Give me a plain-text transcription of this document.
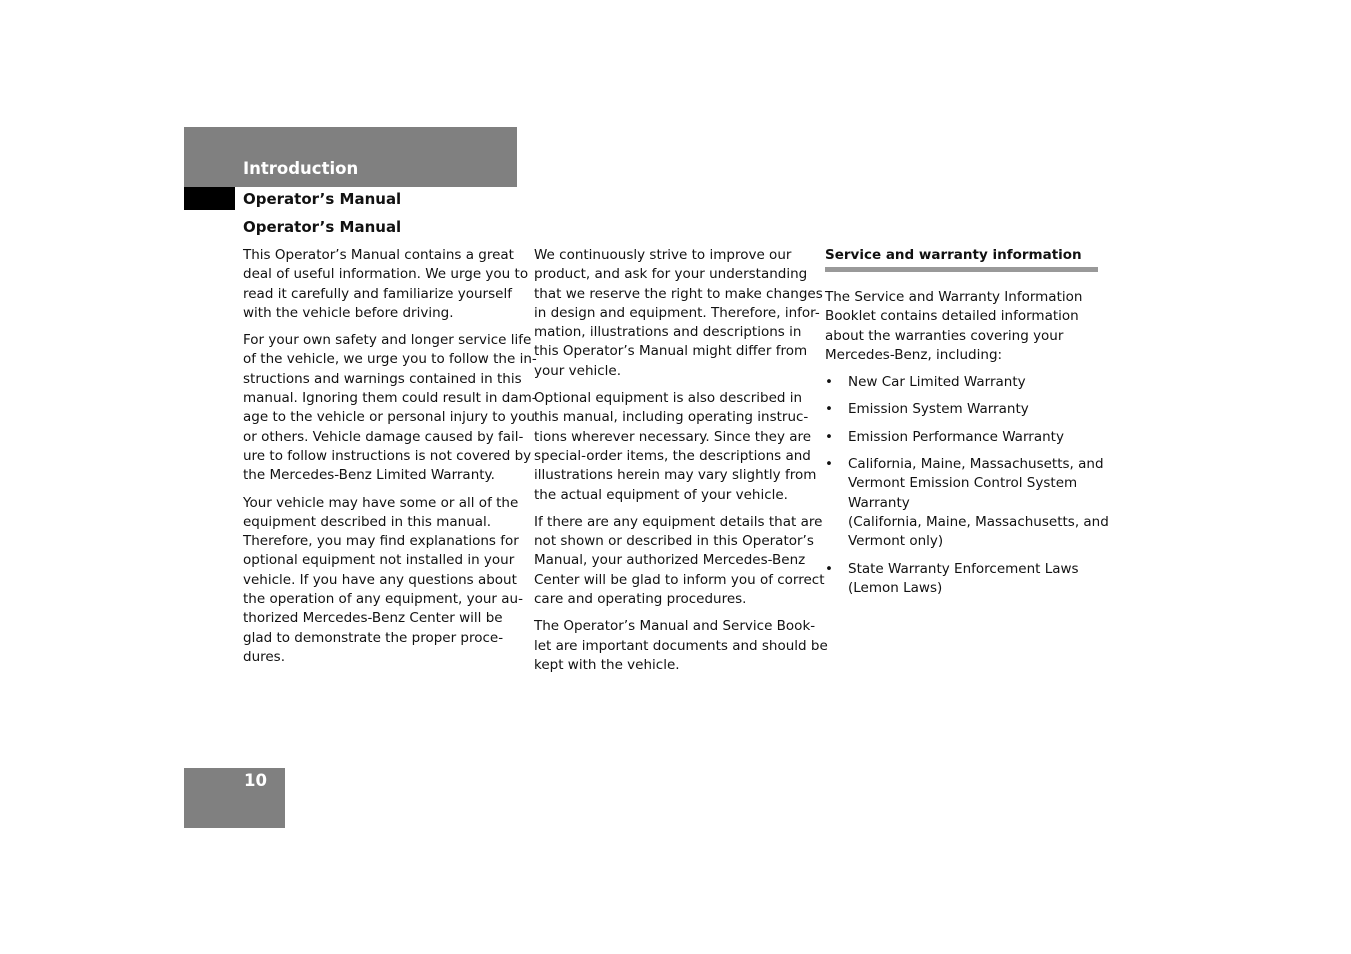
Introduction
Operator’s Manual
Operator’s Manual

This Operator’s Manual contains a great
deal of useful information. We urge you to
read it carefully and familiarize yourself
with the vehicle before driving.

For your own safety and longer service life
of the vehicle, we urge you to follow the in-
structions and warnings contained in this
manual. Ignoring them could result in dam-
age to the vehicle or personal injury to you
or others. Vehicle damage caused by fail-
ure to follow instructions is not covered by
the Mercedes-Benz Limited Warranty.

Your vehicle may have some or all of the
equipment described in this manual.
Therefore, you may find explanations for
optional equipment not installed in your
vehicle. If you have any questions about
the operation of any equipment, your au-
thorized Mercedes-Benz Center will be
glad to demonstrate the proper proce-
dures.

We continuously strive to improve our
product, and ask for your understanding
that we reserve the right to make changes
in design and equipment. Therefore, infor-
mation, illustrations and descriptions in
this Operator’s Manual might differ from
your vehicle.

Optional equipment is also described in
this manual, including operating instruc-
tions wherever necessary. Since they are
special-order items, the descriptions and
illustrations herein may vary slightly from
the actual equipment of your vehicle.

If there are any equipment details that are
not shown or described in this Operator’s
Manual, your authorized Mercedes-Benz
Center will be glad to inform you of correct
care and operating procedures.

The Operator’s Manual and Service Book-
let are important documents and should be
kept with the vehicle.

Service and warranty information

The Service and Warranty Information
Booklet contains detailed information
about the warranties covering your
Mercedes-Benz, including:

• New Car Limited Warranty
• Emission System Warranty
• Emission Performance Warranty
• California, Maine, Massachusetts, and
Vermont Emission Control System
Warranty
(California, Maine, Massachusetts, and
Vermont only)
• State Warranty Enforcement Laws
(Lemon Laws)
10
